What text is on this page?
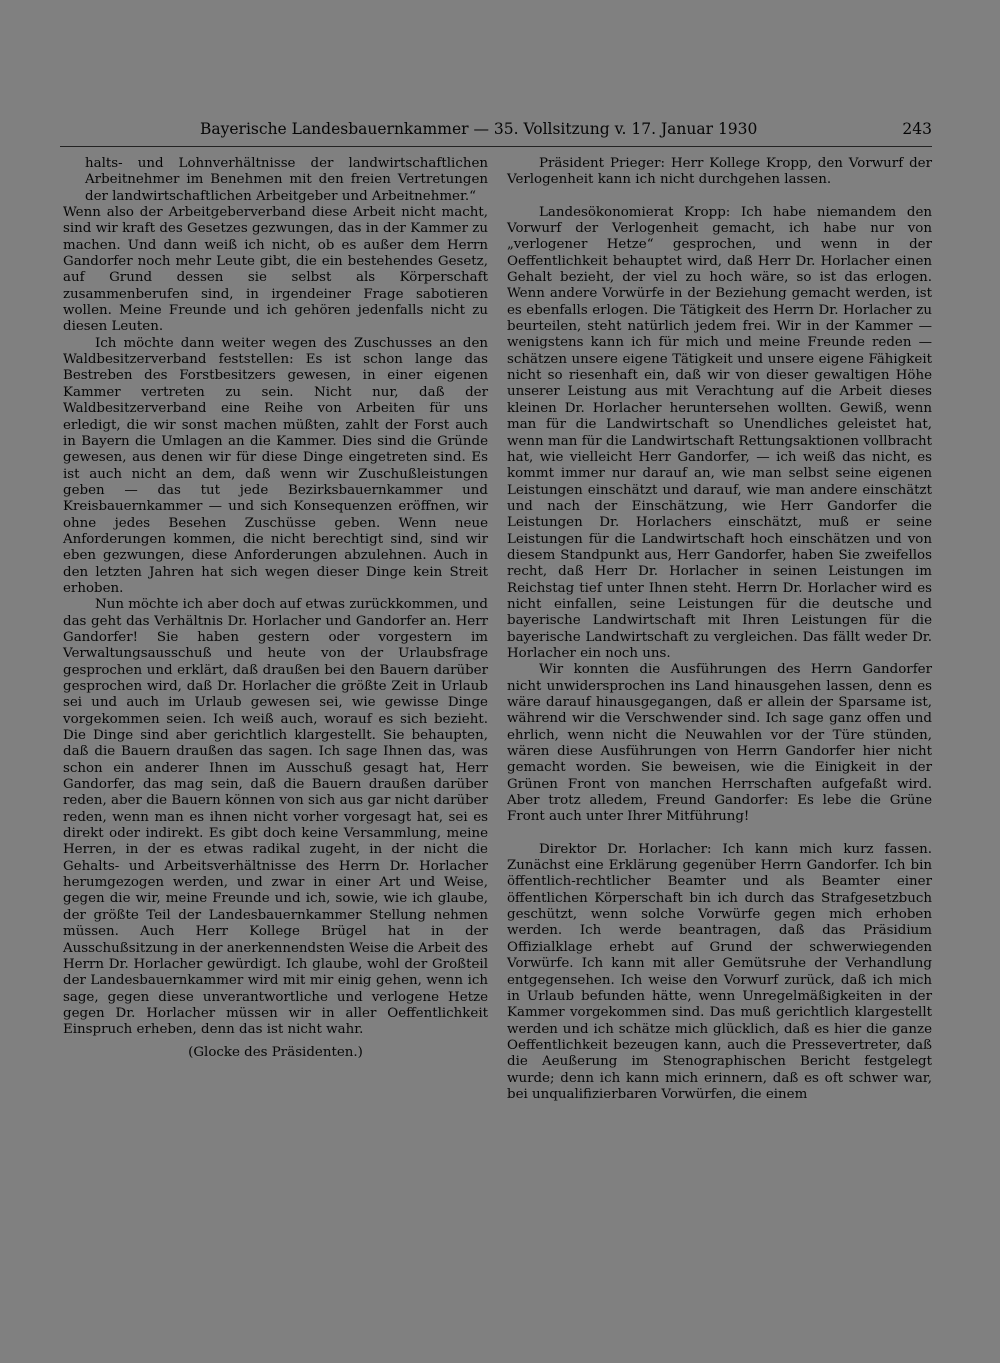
Bayerische Landesbauernkammer — 35. Vollsitzung v. 17. Januar 1930	243

halts- und Lohnverhältnisse der landwirtschaftlichen Arbeitnehmer im Benehmen mit den freien Vertretungen der landwirtschaftlichen Arbeitgeber und Arbeitnehmer.“

Wenn also der Arbeitgeberverband diese Arbeit nicht macht, sind wir kraft des Gesetzes gezwungen, das in der Kammer zu machen. Und dann weiß ich nicht, ob es außer dem Herrn Gandorfer noch mehr Leute gibt, die ein bestehendes Gesetz, auf Grund dessen sie selbst als Körperschaft zusammenberufen sind, in irgendeiner Frage sabotieren wollen. Meine Freunde und ich gehören jedenfalls nicht zu diesen Leuten.

Ich möchte dann weiter wegen des Zuschusses an den Waldbesitzerverband feststellen: Es ist schon lange das Bestreben des Forstbesitzers gewesen, in einer eigenen Kammer vertreten zu sein. Nicht nur, daß der Waldbesitzerverband eine Reihe von Arbeiten für uns erledigt, die wir sonst machen müßten, zahlt der Forst auch in Bayern die Umlagen an die Kammer. Dies sind die Gründe gewesen, aus denen wir für diese Dinge eingetreten sind. Es ist auch nicht an dem, daß wenn wir Zuschußleistungen geben — das tut jede Bezirksbauernkammer und Kreisbauernkammer — und sich Konsequenzen eröffnen, wir ohne jedes Besehen Zuschüsse geben. Wenn neue Anforderungen kommen, die nicht berechtigt sind, sind wir eben gezwungen, diese Anforderungen abzulehnen. Auch in den letzten Jahren hat sich wegen dieser Dinge kein Streit erhoben.

Nun möchte ich aber doch auf etwas zurückkommen, und das geht das Verhältnis Dr. Horlacher und Gandorfer an. Herr Gandorfer! Sie haben gestern oder vorgestern im Verwaltungsausschuß und heute von der Urlaubsfrage gesprochen und erklärt, daß draußen bei den Bauern darüber gesprochen wird, daß Dr. Horlacher die größte Zeit in Urlaub sei und auch im Urlaub gewesen sei, wie gewisse Dinge vorgekommen seien. Ich weiß auch, worauf es sich bezieht. Die Dinge sind aber gerichtlich klargestellt. Sie behaupten, daß die Bauern draußen das sagen. Ich sage Ihnen das, was schon ein anderer Ihnen im Ausschuß gesagt hat, Herr Gandorfer, das mag sein, daß die Bauern draußen darüber reden, aber die Bauern können von sich aus gar nicht darüber reden, wenn man es ihnen nicht vorher vorgesagt hat, sei es direkt oder indirekt. Es gibt doch keine Versammlung, meine Herren, in der es etwas radikal zugeht, in der nicht die Gehalts- und Arbeitsverhältnisse des Herrn Dr. Horlacher herumgezogen werden, und zwar in einer Art und Weise, gegen die wir, meine Freunde und ich, sowie, wie ich glaube, der größte Teil der Landesbauernkammer Stellung nehmen müssen. Auch Herr Kollege Brügel hat in der Ausschußsitzung in der anerkennendsten Weise die Arbeit des Herrn Dr. Horlacher gewürdigt. Ich glaube, wohl der Großteil der Landesbauernkammer wird mit mir einig gehen, wenn ich sage, gegen diese unverantwortliche und verlogene Hetze gegen Dr. Horlacher müssen wir in aller Oeffentlichkeit Einspruch erheben, denn das ist nicht wahr.

(Glocke des Präsidenten.)

Präsident Prieger: Herr Kollege Kropp, den Vorwurf der Verlogenheit kann ich nicht durchgehen lassen.

Landesökonomierat Kropp: Ich habe niemandem den Vorwurf der Verlogenheit gemacht, ich habe nur von „verlogener Hetze“ gesprochen, und wenn in der Oeffentlichkeit behauptet wird, daß Herr Dr. Horlacher einen Gehalt bezieht, der viel zu hoch wäre, so ist das erlogen. Wenn andere Vorwürfe in der Beziehung gemacht werden, ist es ebenfalls erlogen. Die Tätigkeit des Herrn Dr. Horlacher zu beurteilen, steht natürlich jedem frei. Wir in der Kammer — wenigstens kann ich für mich und meine Freunde reden — schätzen unsere eigene Tätigkeit und unsere eigene Fähigkeit nicht so riesenhaft ein, daß wir von dieser gewaltigen Höhe unserer Leistung aus mit Verachtung auf die Arbeit dieses kleinen Dr. Horlacher heruntersehen wollten. Gewiß, wenn man für die Landwirtschaft so Unendliches geleistet hat, wenn man für die Landwirtschaft Rettungsaktionen vollbracht hat, wie vielleicht Herr Gandorfer, — ich weiß das nicht, es kommt immer nur darauf an, wie man selbst seine eigenen Leistungen einschätzt und darauf, wie man andere einschätzt und nach der Einschätzung, wie Herr Gandorfer die Leistungen Dr. Horlachers einschätzt, muß er seine Leistungen für die Landwirtschaft hoch einschätzen und von diesem Standpunkt aus, Herr Gandorfer, haben Sie zweifellos recht, daß Herr Dr. Horlacher in seinen Leistungen im Reichstag tief unter Ihnen steht. Herrn Dr. Horlacher wird es nicht einfallen, seine Leistungen für die deutsche und bayerische Landwirtschaft mit Ihren Leistungen für die bayerische Landwirtschaft zu vergleichen. Das fällt weder Dr. Horlacher ein noch uns.

Wir konnten die Ausführungen des Herrn Gandorfer nicht unwidersprochen ins Land hinausgehen lassen, denn es wäre darauf hinausgegangen, daß er allein der Sparsame ist, während wir die Verschwender sind. Ich sage ganz offen und ehrlich, wenn nicht die Neuwahlen vor der Türe stünden, wären diese Ausführungen von Herrn Gandorfer hier nicht gemacht worden. Sie beweisen, wie die Einigkeit in der Grünen Front von manchen Herrschaften aufgefaßt wird. Aber trotz alledem, Freund Gandorfer: Es lebe die Grüne Front auch unter Ihrer Mitführung!

Direktor Dr. Horlacher: Ich kann mich kurz fassen. Zunächst eine Erklärung gegenüber Herrn Gandorfer. Ich bin öffentlich-rechtlicher Beamter und als Beamter einer öffentlichen Körperschaft bin ich durch das Strafgesetzbuch geschützt, wenn solche Vorwürfe gegen mich erhoben werden. Ich werde beantragen, daß das Präsidium Offizialklage erhebt auf Grund der schwerwiegenden Vorwürfe. Ich kann mit aller Gemütsruhe der Verhandlung entgegensehen. Ich weise den Vorwurf zurück, daß ich mich in Urlaub befunden hätte, wenn Unregelmäßigkeiten in der Kammer vorgekommen sind. Das muß gerichtlich klargestellt werden und ich schätze mich glücklich, daß es hier die ganze Oeffentlichkeit bezeugen kann, auch die Pressevertreter, daß die Aeußerung im Stenographischen Bericht festgelegt wurde; denn ich kann mich erinnern, daß es oft schwer war, bei unqualifizierbaren Vorwürfen, die einem
